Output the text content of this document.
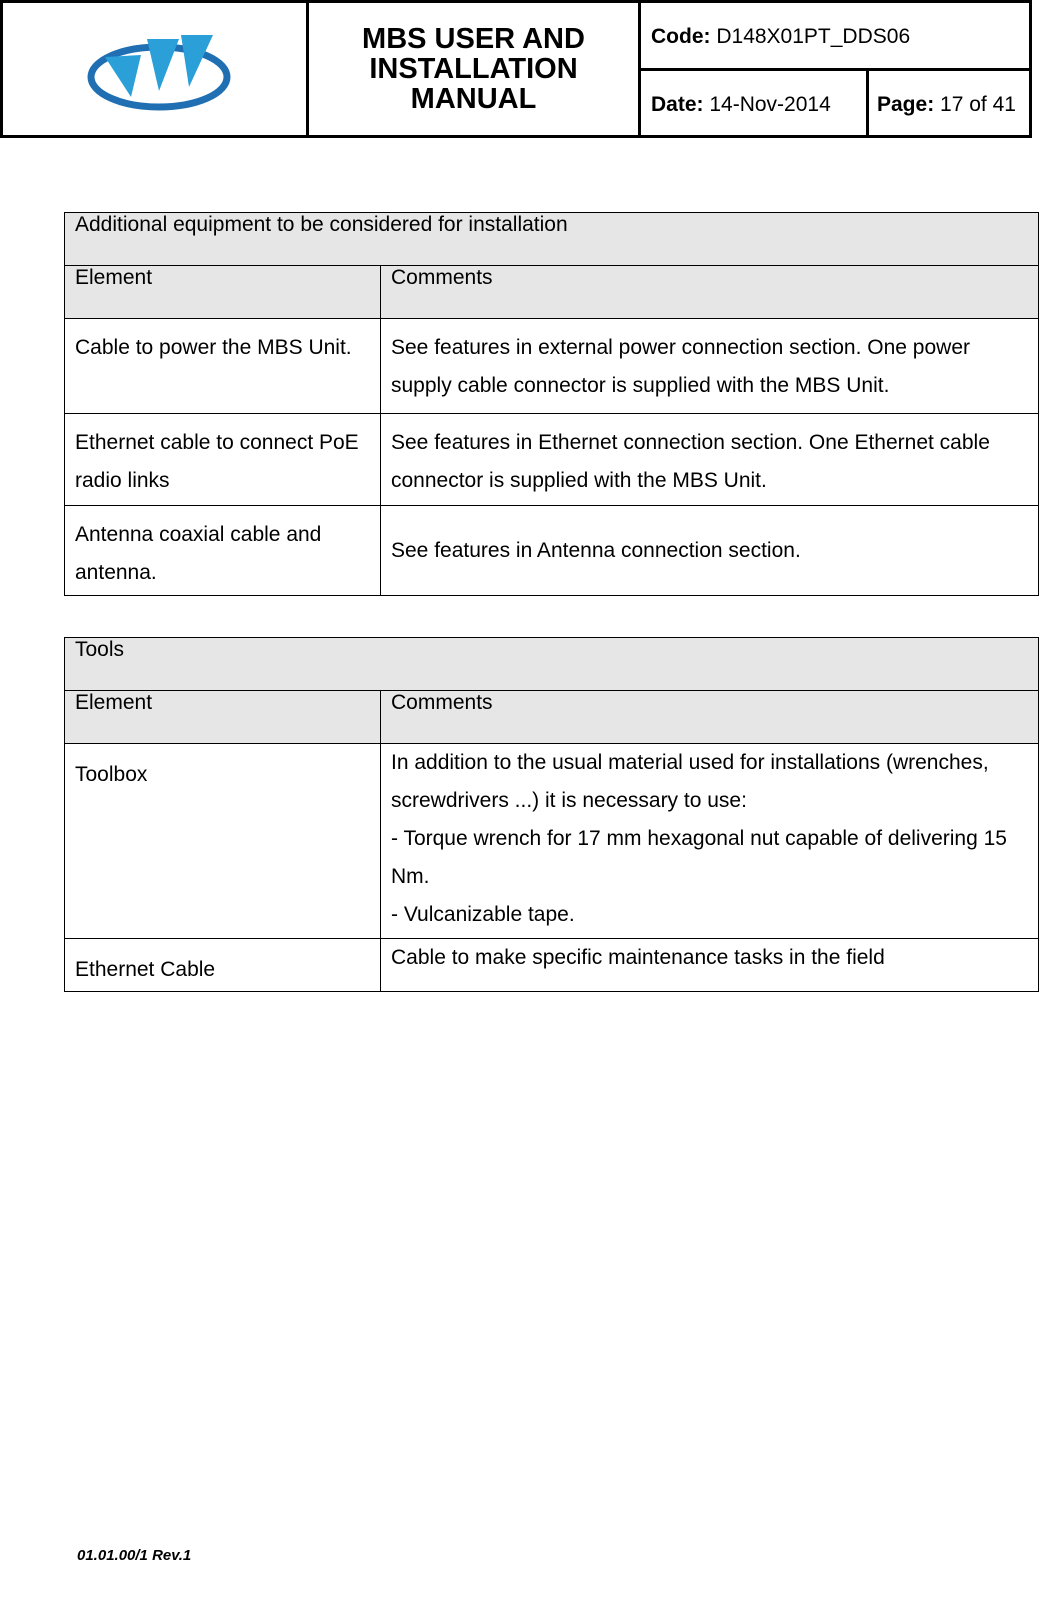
MBS USER AND INSTALLATION MANUAL
Code: D148X01PT_DDS06
Date: 14-Nov-2014	Page: 17 of 41
Additional equipment to be considered for installation	
Element	Comments
Cable to power the MBS Unit.	See features in external power connection section. One power supply cable connector is supplied with the MBS Unit.
Ethernet cable to connect PoE radio links	See features in Ethernet connection section. One Ethernet cable connector is supplied with the MBS Unit.
Antenna coaxial cable and antenna.	See features in Antenna connection section.
Tools	
Element	Comments
Toolbox	In addition to the usual material used for installations (wrenches, screwdrivers ...) it is necessary to use:

- Torque wrench for 17 mm hexagonal nut capable of delivering 15 Nm.

- Vulcanizable tape.

Ethernet Cable	Cable to make specific maintenance tasks in the field

01.01.00/1 Rev.1
